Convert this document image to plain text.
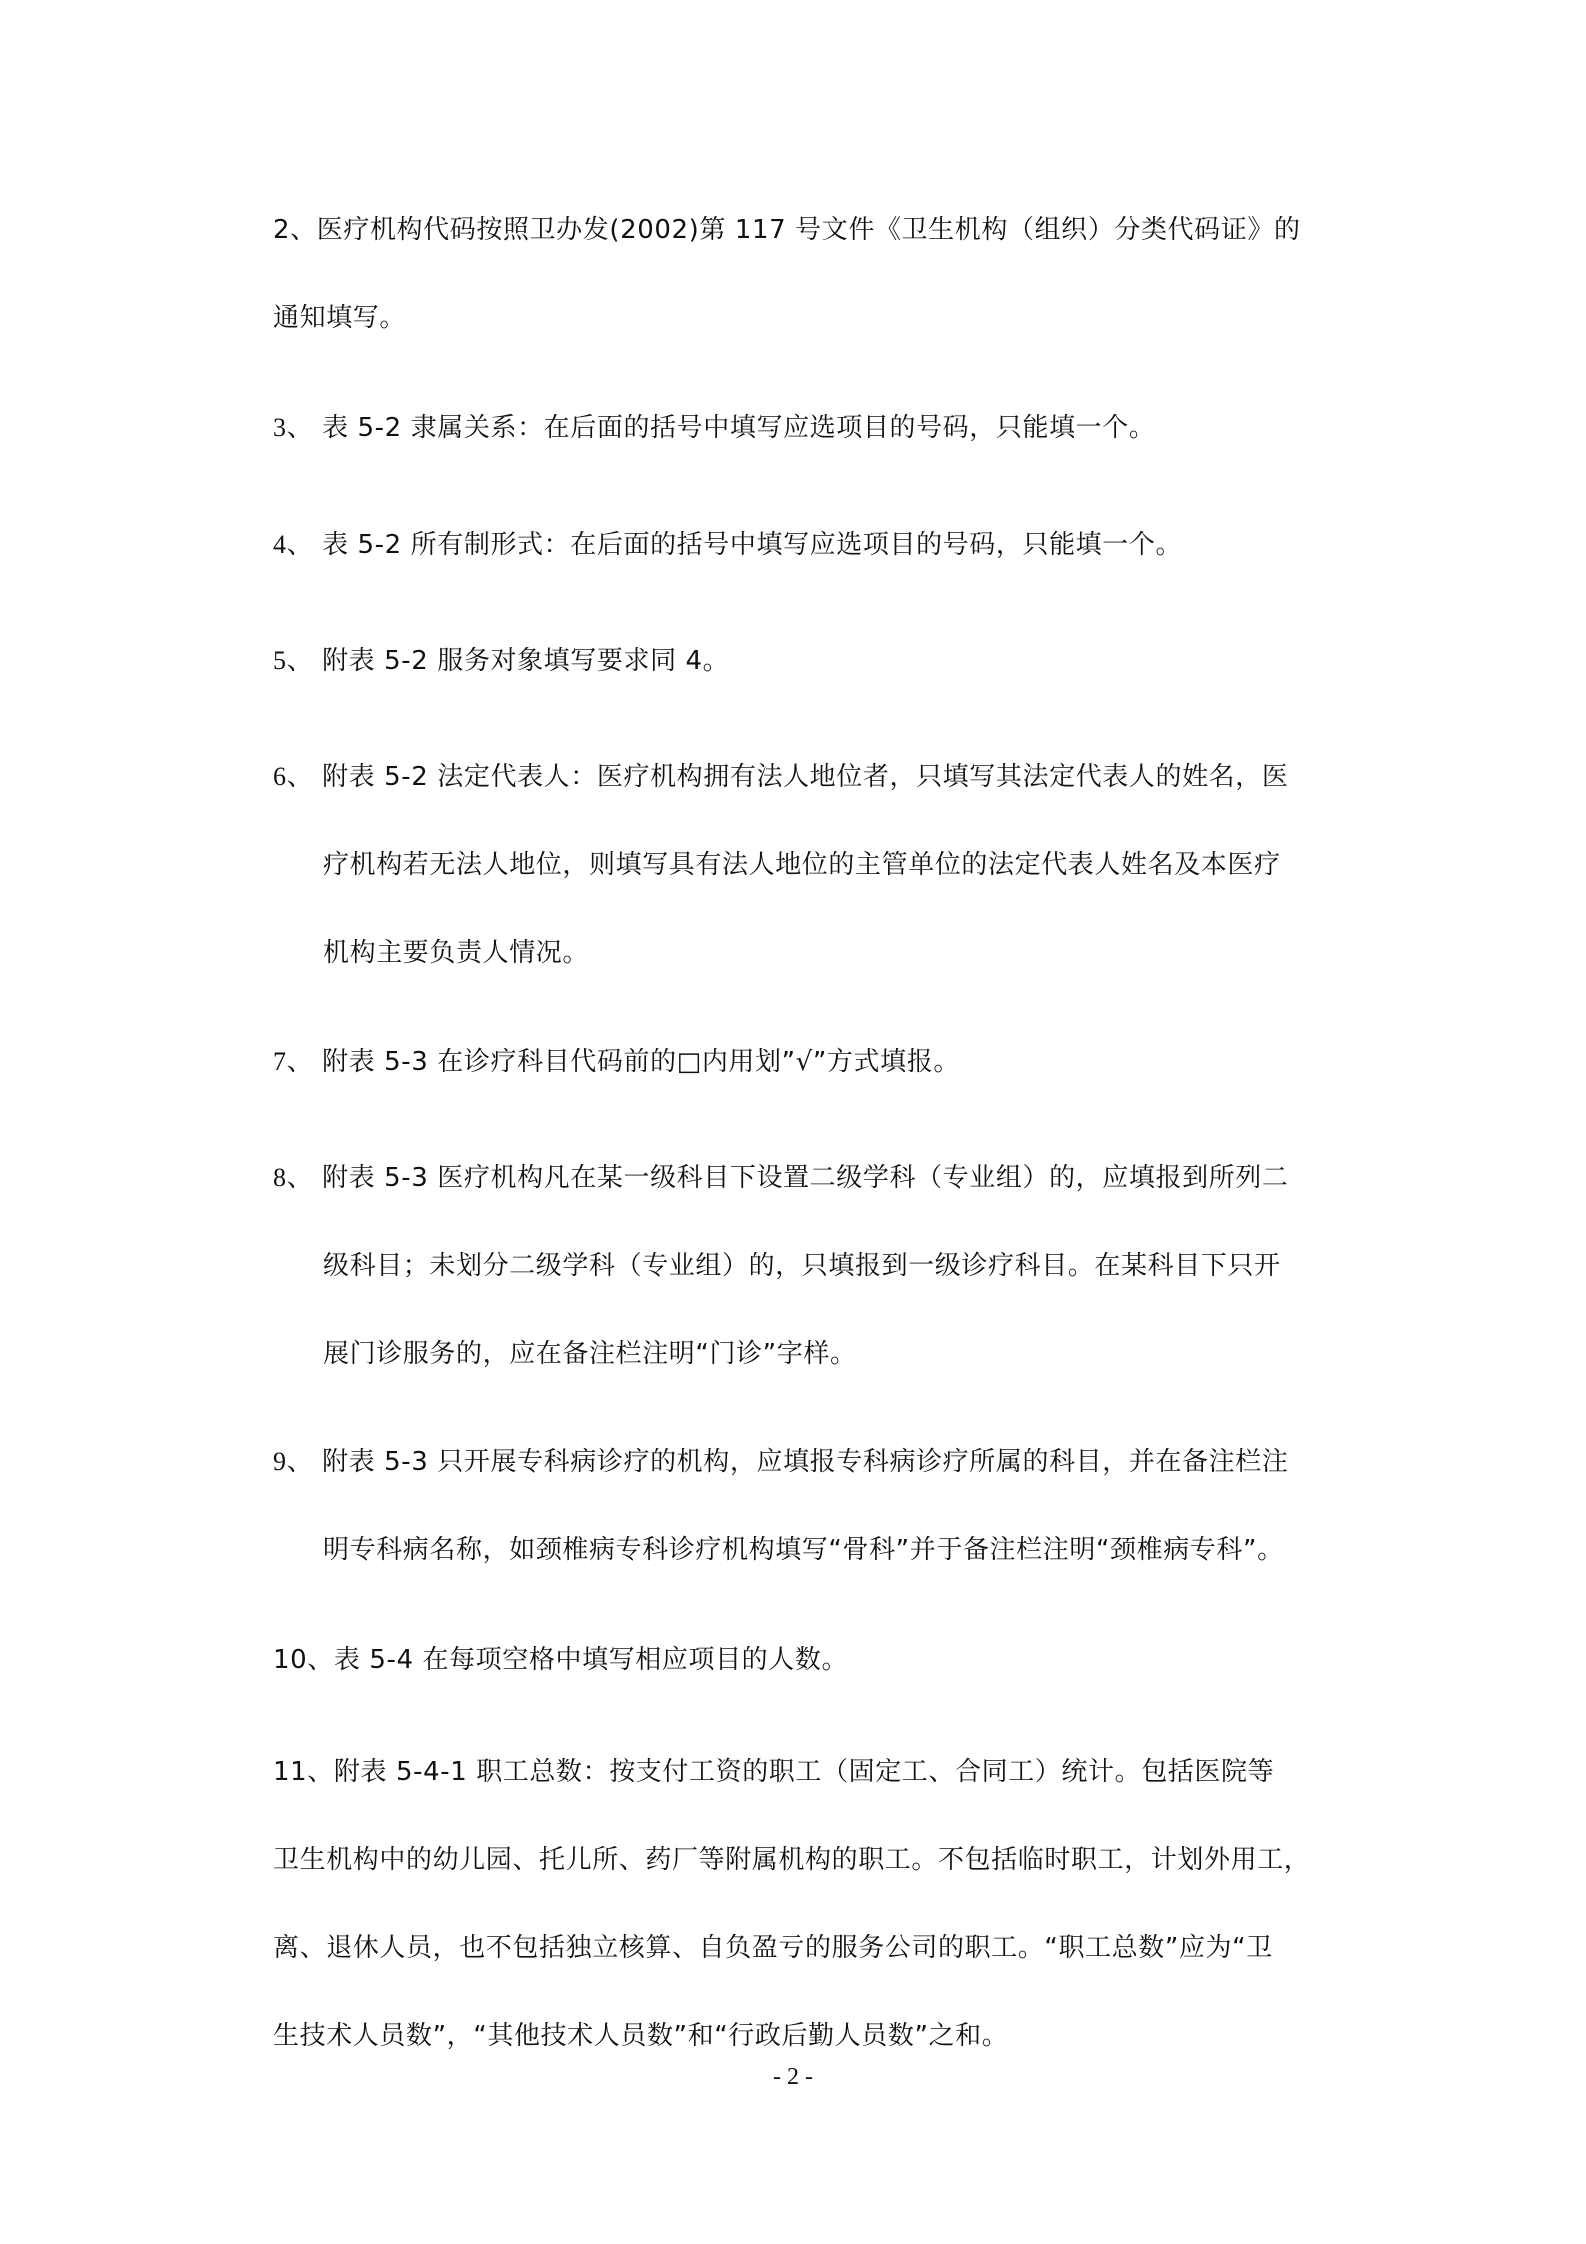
2、医疗机构代码按照卫办发(2002)第 117 号文件《卫生机构（组织）分类代码证》的
通知填写。
3、 表 5-2 隶属关系：在后面的括号中填写应选项目的号码，只能填一个。
4、 表 5-2 所有制形式：在后面的括号中填写应选项目的号码，只能填一个。
5、 附表 5-2 服务对象填写要求同 4。
6、 附表 5-2 法定代表人：医疗机构拥有法人地位者，只填写其法定代表人的姓名，医
疗机构若无法人地位，则填写具有法人地位的主管单位的法定代表人姓名及本医疗
机构主要负责人情况。
7、 附表 5-3 在诊疗科目代码前的□内用划”√”方式填报。
8、 附表 5-3 医疗机构凡在某一级科目下设置二级学科（专业组）的，应填报到所列二
级科目；未划分二级学科（专业组）的，只填报到一级诊疗科目。在某科目下只开
展门诊服务的，应在备注栏注明“门诊”字样。
9、 附表 5-3 只开展专科病诊疗的机构，应填报专科病诊疗所属的科目，并在备注栏注
明专科病名称，如颈椎病专科诊疗机构填写“骨科”并于备注栏注明“颈椎病专科”。
10、表 5-4 在每项空格中填写相应项目的人数。
11、附表 5-4-1 职工总数：按支付工资的职工（固定工、合同工）统计。包括医院等
卫生机构中的幼儿园、托儿所、药厂等附属机构的职工。不包括临时职工，计划外用工，
离、退休人员，也不包括独立核算、自负盈亏的服务公司的职工。“职工总数”应为“卫
生技术人员数”，“其他技术人员数”和“行政后勤人员数”之和。
- 2 -
